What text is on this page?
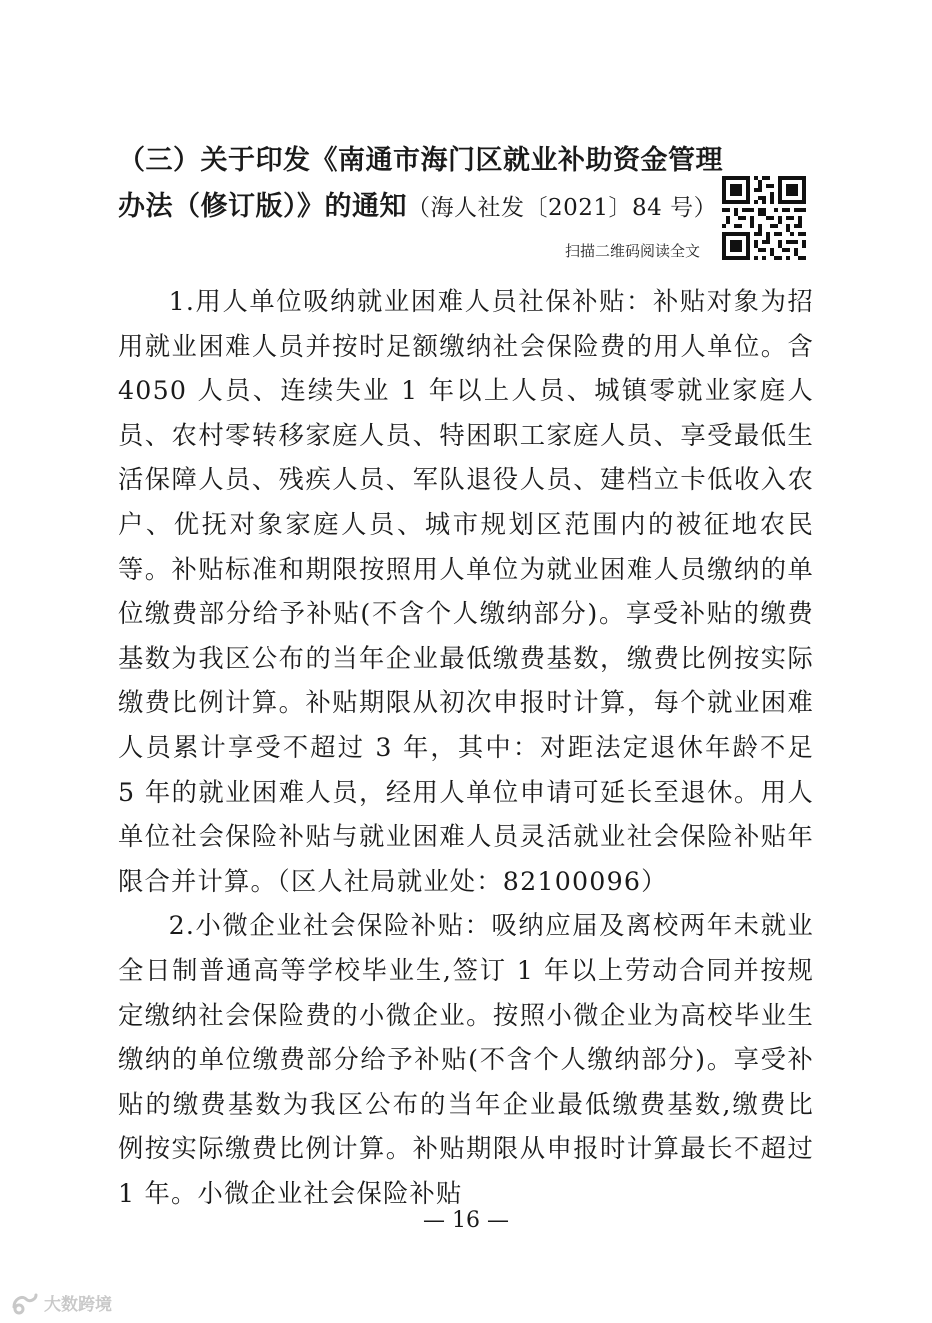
（三）关于印发《南通市海门区就业补助资金管理办法（修订版）》的通知（海人社发〔2021〕84 号）
扫描二维码阅读全文

1.用人单位吸纳就业困难人员社保补贴：补贴对象为招用就业困难人员并按时足额缴纳社会保险费的用人单位。含 4050 人员、连续失业 1 年以上人员、城镇零就业家庭人员、农村零转移家庭人员、特困职工家庭人员、享受最低生活保障人员、残疾人员、军队退役人员、建档立卡低收入农户、优抚对象家庭人员、城市规划区范围内的被征地农民等。补贴标准和期限按照用人单位为就业困难人员缴纳的单位缴费部分给予补贴(不含个人缴纳部分)。享受补贴的缴费基数为我区公布的当年企业最低缴费基数，缴费比例按实际缴费比例计算。补贴期限从初次申报时计算，每个就业困难人员累计享受不超过 3 年，其中：对距法定退休年龄不足 5 年的就业困难人员，经用人单位申请可延长至退休。用人单位社会保险补贴与就业困难人员灵活就业社会保险补贴年限合并计算。（区人社局就业处：82100096）

2.小微企业社会保险补贴：吸纳应届及离校两年未就业全日制普通高等学校毕业生,签订 1 年以上劳动合同并按规定缴纳社会保险费的小微企业。按照小微企业为高校毕业生缴纳的单位缴费部分给予补贴(不含个人缴纳部分)。享受补贴的缴费基数为我区公布的当年企业最低缴费基数,缴费比例按实际缴费比例计算。补贴期限从申报时计算最长不超过 1 年。小微企业社会保险补贴

— 16 —
大数跨境
